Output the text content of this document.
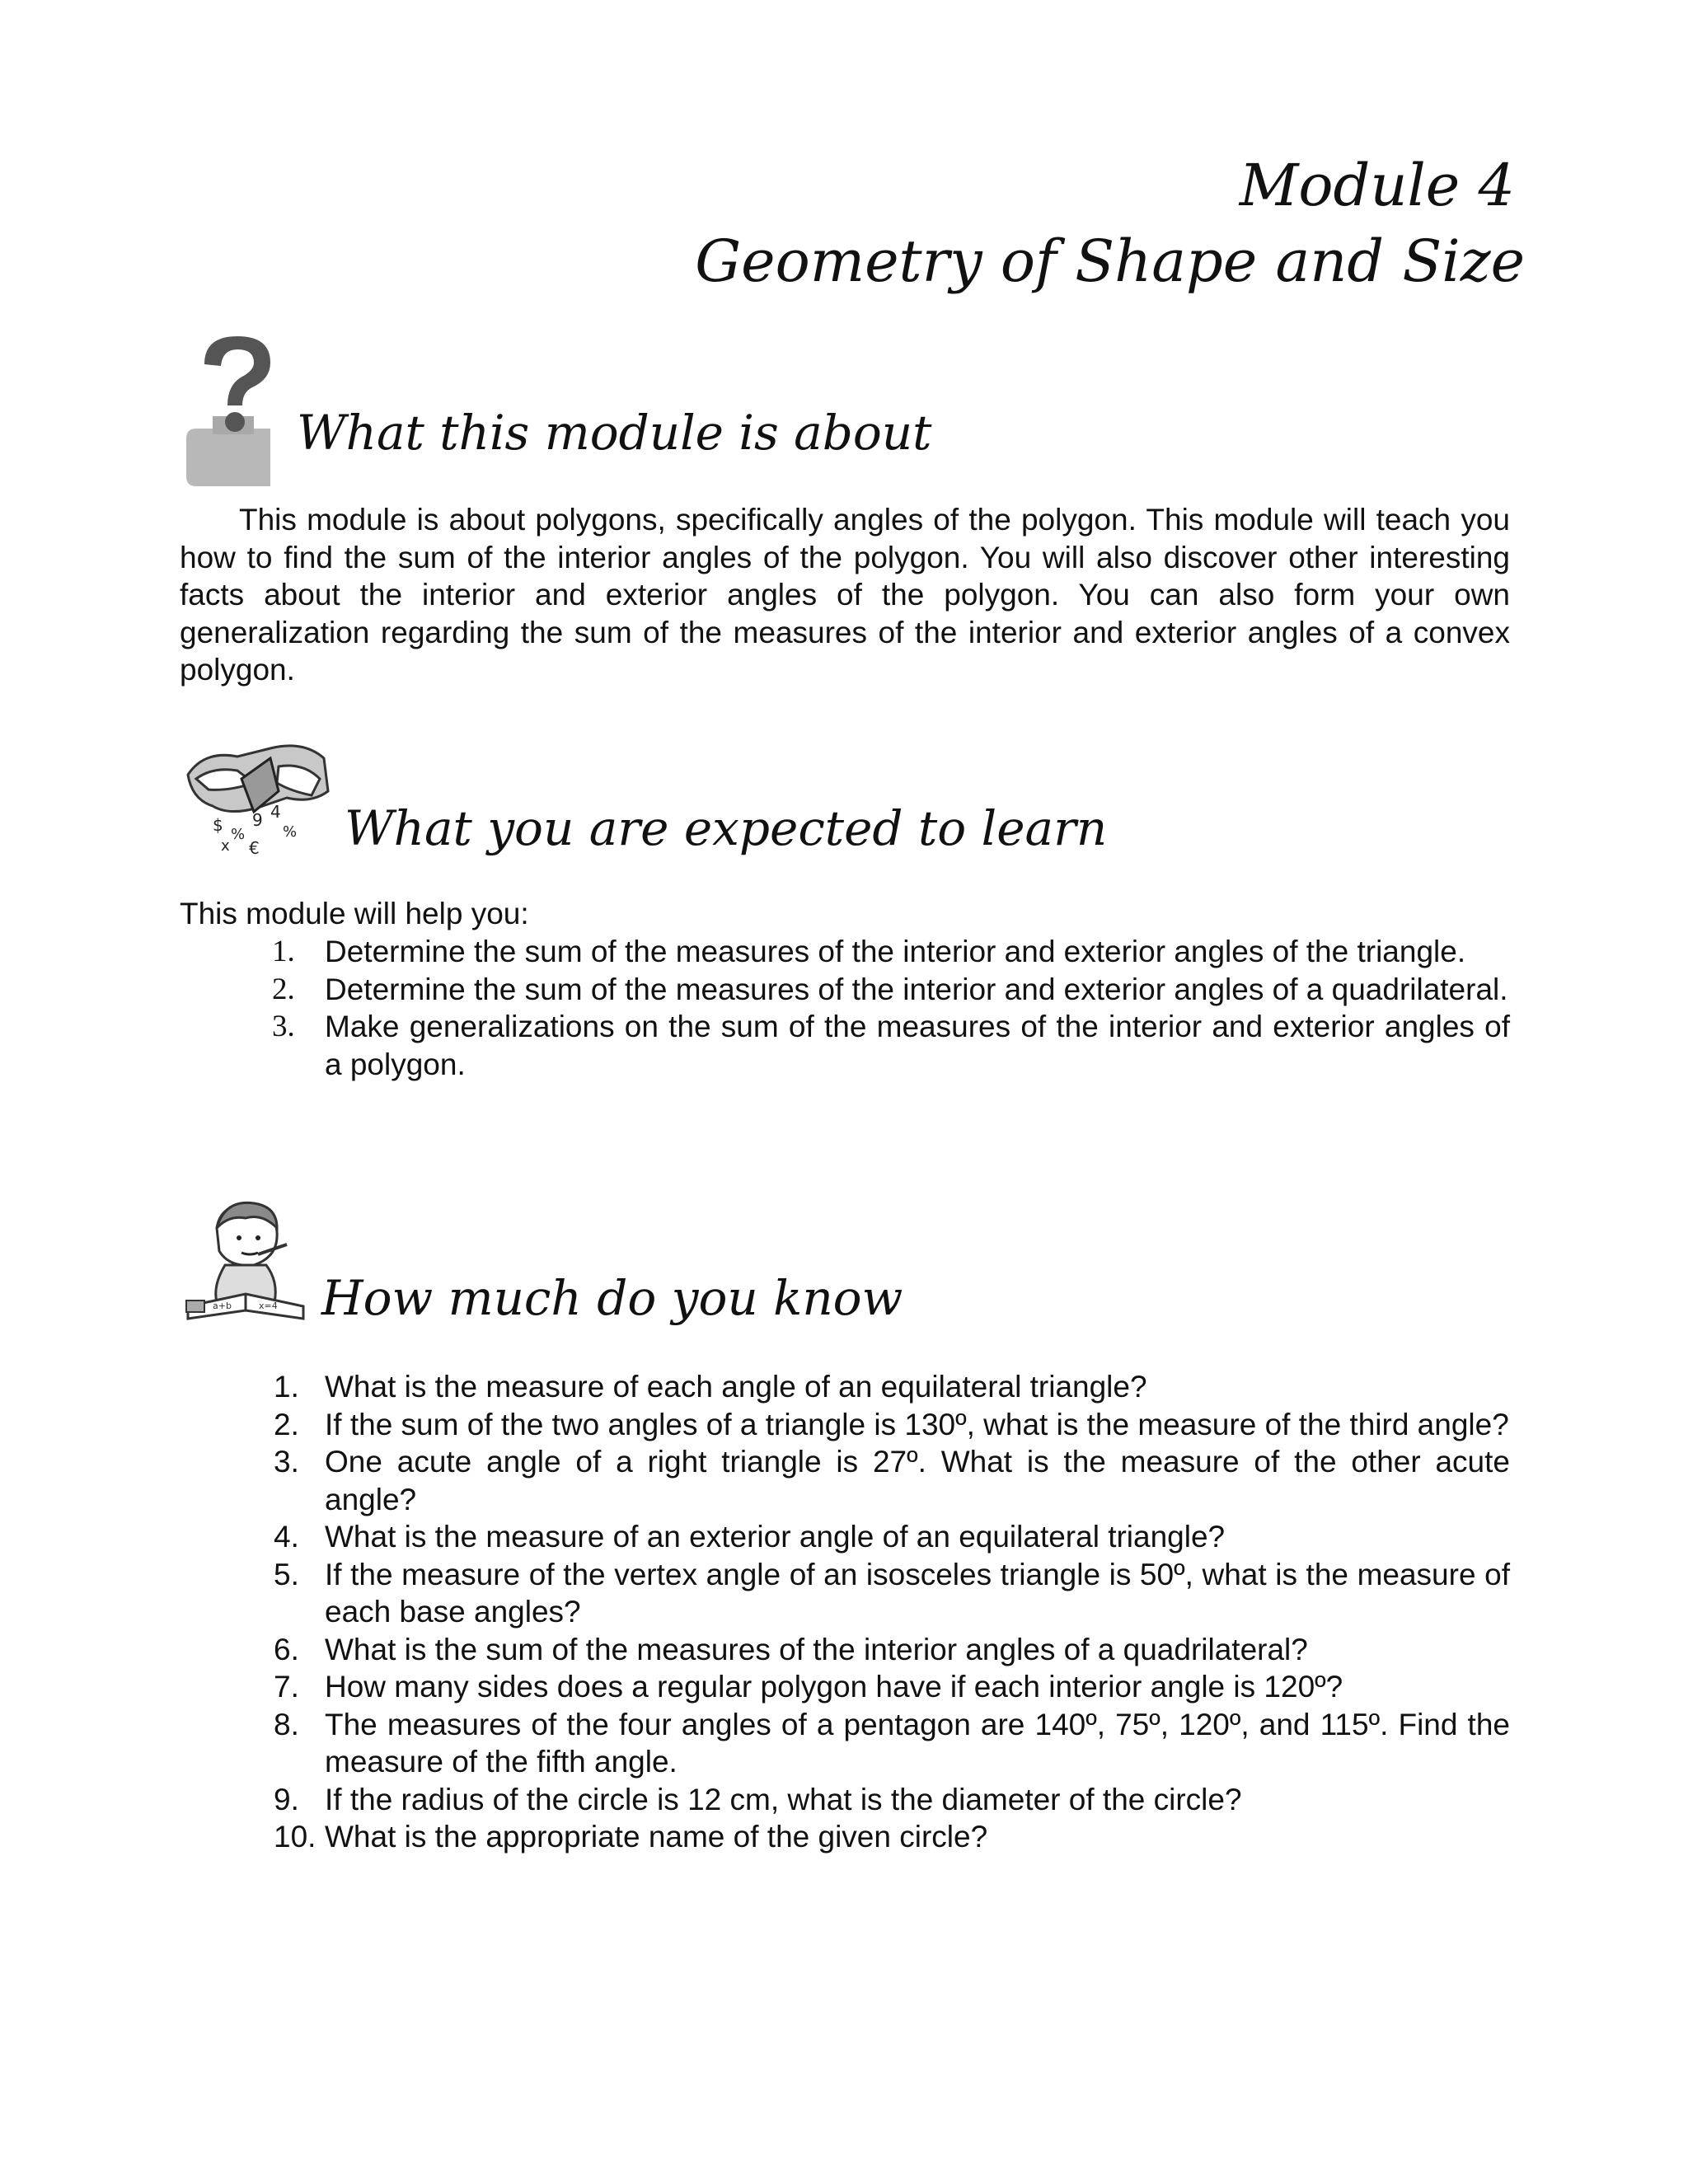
Module 4
Geometry of Shape and Size
What this module is about

This module is about polygons, specifically angles of the polygon. This module will teach you how to find the sum of the interior angles of the polygon. You will also discover other interesting facts about the interior and exterior angles of the polygon. You can also form your own generalization regarding the sum of the measures of the interior and exterior angles of a convex polygon.

$ %
9 4
x €
% What you are expected to learn
This module will help you:
1. Determine the sum of the measures of the interior and exterior angles of the triangle.
2. Determine the sum of the measures of the interior and exterior angles of a quadrilateral.
3. Make generalizations on the sum of the measures of the interior and exterior angles of a polygon.
a+b	x=4 How much do you know
1. What is the measure of each angle of an equilateral triangle?
2. If the sum of the two angles of a triangle is 130º, what is the measure of the third angle?
3. One acute angle of a right triangle is 27º. What is the measure of the other acute angle?
4. What is the measure of an exterior angle of an equilateral triangle?
5. If the measure of the vertex angle of an isosceles triangle is 50º, what is the measure of each base angles?
6. What is the sum of the measures of the interior angles of a quadrilateral?
7. How many sides does a regular polygon have if each interior angle is 120º?
8. The measures of the four angles of a pentagon are 140º, 75º, 120º, and 115º. Find the measure of the fifth angle.
9. If the radius of the circle is 12 cm, what is the diameter of the circle?
10. What is the appropriate name of the given circle?
